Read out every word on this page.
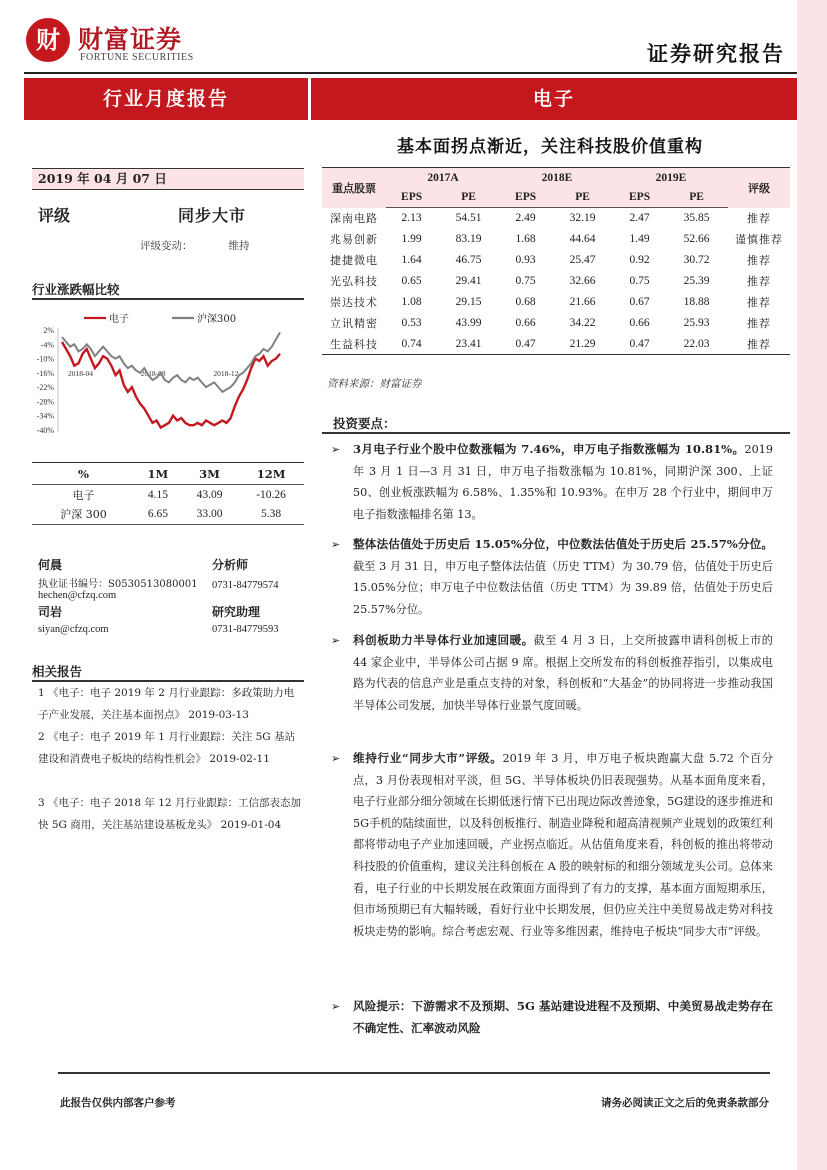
财 财富证券
FORTUNE SECURITIES	证券研究报告
行业月度报告	电子
基本面拐点渐近，关注科技股价值重构
2019 年 04 月 07 日
评级	同步大市
评级变动：	维持
行业涨跌幅比较
2%
-4%
-10%
-16%
-22%
-28%
-34%
-40%
2018-04	2018-08	2018-12
电子	沪深300
%	1M	3M	12M
电子	4.15	43.09	-10.26
沪深 300	6.65	33.00	5.38
何晨	分析师
执业证书编号：S0530513080001 0731-84779574
hechen@cfzq.com
司岩	研究助理
siyan@cfzq.com	0731-84779593
相关报告
1 《电子：电子 2019 年 2 月行业跟踪：多政策助力电子产业发展，关注基本面拐点》 2019-03-13
2 《电子：电子 2019 年 1 月行业跟踪：关注 5G 基站建设和消费电子板块的结构性机会》 2019-02-11
3 《电子：电子 2018 年 12 月行业跟踪：工信部表态加快 5G 商用，关注基站建设基板龙头》 2019-01-04
重点股票	2017A		2018E		2019E		评级
	EPS	PE	EPS	PE	EPS	PE	
深南电路	2.13	54.51	2.49	32.19	2.47	35.85	推荐
兆易创新	1.99	83.19	1.68	44.64	1.49	52.66	谨慎推荐
捷捷微电	1.64	46.75	0.93	25.47	0.92	30.72	推荐
光弘科技	0.65	29.41	0.75	32.66	0.75	25.39	推荐
崇达技术	1.08	29.15	0.68	21.66	0.67	18.88	推荐
立讯精密	0.53	43.99	0.66	34.22	0.66	25.93	推荐
生益科技	0.74	23.41	0.47	21.29	0.47	22.03	推荐
资料来源：财富证券
投资要点：
➢	3月电子行业个股中位数涨幅为 7.46%，申万电子指数涨幅为 10.81%。2019 年 3 月 1 日—3 月 31 日，申万电子指数涨幅为 10.81%，同期沪深 300、上证 50、创业板涨跌幅为 6.58%、1.35%和 10.93%。在申万 28 个行业中，期间申万电子指数涨幅排名第 13。

➢	整体法估值处于历史后 15.05%分位，中位数法估值处于历史后 25.57%分位。截至 3 月 31 日，申万电子整体法估值（历史 TTM）为 30.79 倍，估值处于历史后 15.05%分位；申万电子中位数法估值（历史 TTM）为 39.89 倍，估值处于历史后 25.57%分位。

➢	科创板助力半导体行业加速回暖。截至 4 月 3 日，上交所披露申请科创板上市的 44 家企业中，半导体公司占据 9 席。根据上交所发布的科创板推荐指引，以集成电路为代表的信息产业是重点支持的对象，科创板和“大基金”的协同将进一步推动我国半导体公司发展，加快半导体行业景气度回暖。

➢	维持行业“同步大市”评级。2019 年 3 月，申万电子板块跑赢大盘 5.72 个百分点，3 月份表现相对平淡，但 5G、半导体板块仍旧表现强势。从基本面角度来看，电子行业部分细分领域在长期低迷行情下已出现边际改善迹象，5G建设的逐步推进和 5G手机的陆续面世，以及科创板推行、制造业降税和超高清视频产业规划的政策红利都将带动电子产业加速回暖，产业拐点临近。从估值角度来看，科创板的推出将带动科技股的价值重构，建议关注科创板在 A 股的映射标的和细分领域龙头公司。总体来看，电子行业的中长期发展在政策面方面得到了有力的支撑，基本面方面短期承压，但市场预期已有大幅转暖，看好行业中长期发展，但仍应关注中美贸易战走势对科技板块走势的影响。综合考虑宏观、行业等多维因素，维持电子板块“同步大市”评级。

➢	风险提示：下游需求不及预期、5G 基站建设进程不及预期、中美贸易战走势存在不确定性、汇率波动风险

此报告仅供内部客户参考	请务必阅读正文之后的免责条款部分
